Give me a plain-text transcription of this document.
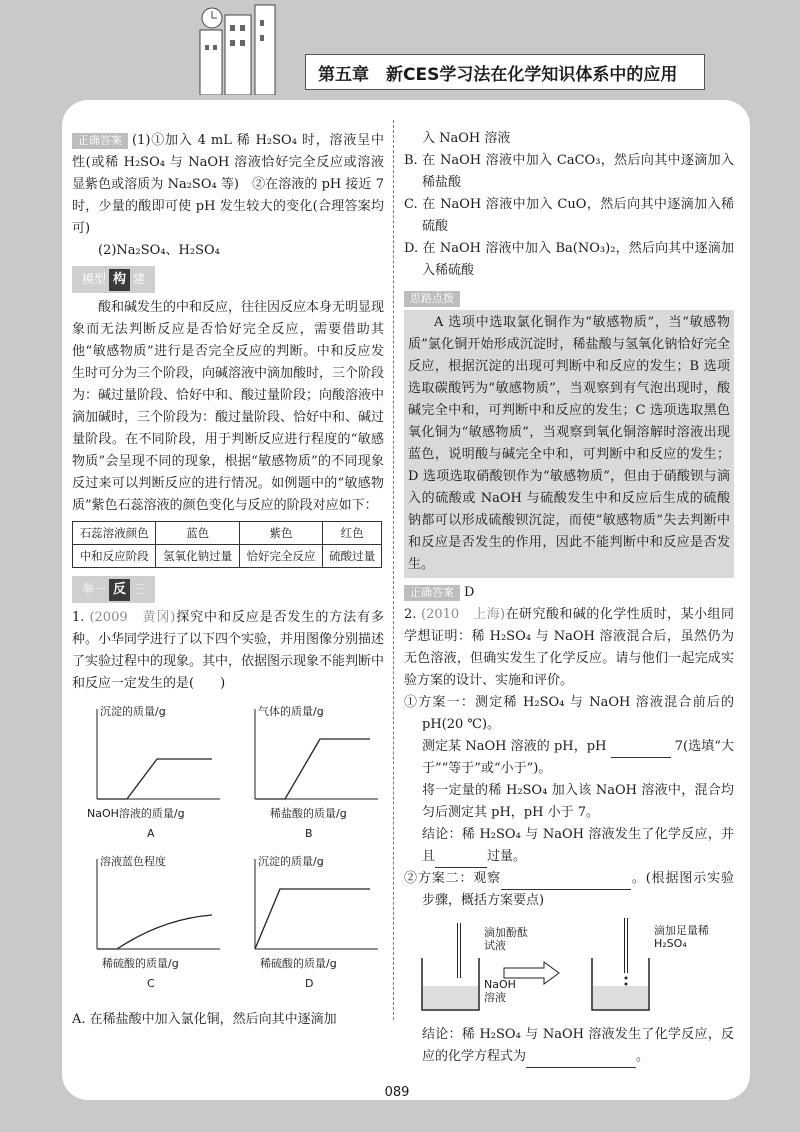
第五章　新CES学习法在化学知识体系中的应用

正确答案 (1)①加入 4 mL 稀 H₂SO₄ 时，溶液呈中性(或稀 H₂SO₄ 与 NaOH 溶液恰好完全反应或溶液显紫色或溶质为 Na₂SO₄ 等)　②在溶液的 pH 接近 7 时，少量的酸即可使 pH 发生较大的变化(合理答案均可)

(2)Na₂SO₄、H₂SO₄

模型 构 建

酸和碱发生的中和反应，往往因反应本身无明显现象而无法判断反应是否恰好完全反应，需要借助其他“敏感物质”进行是否完全反应的判断。中和反应发生时可分为三个阶段，向碱溶液中滴加酸时，三个阶段为：碱过量阶段、恰好中和、酸过量阶段；向酸溶液中滴加碱时，三个阶段为：酸过量阶段、恰好中和、碱过量阶段。在不同阶段，用于判断反应进行程度的“敏感物质”会呈现不同的现象，根据“敏感物质”的不同现象反过来可以判断反应的进行情况。如例题中的“敏感物质”紫色石蕊溶液的颜色变化与反应的阶段对应如下：

石蕊溶液颜色	蓝色	紫色	红色
中和反应阶段	氢氧化钠过量	恰好完全反应	硫酸过量
举一 反 三

1. (2009　黄冈)探究中和反应是否发生的方法有多种。小华同学进行了以下四个实验，并用图像分别描述了实验过程中的现象。其中，依据图示现象不能判断中和反应一定发生的是(　　)

沉淀的质量/g
NaOH溶液的质量/g
A
气体的质量/g
稀盐酸的质量/g
B
溶液蓝色程度
稀硫酸的质量/g
C
沉淀的质量/g
稀硫酸的质量/g
D

A. 在稀盐酸中加入氯化铜，然后向其中逐滴加

入 NaOH 溶液

B. 在 NaOH 溶液中加入 CaCO₃，然后向其中逐滴加入稀盐酸

C. 在 NaOH 溶液中加入 CuO，然后向其中逐滴加入稀硫酸

D. 在 NaOH 溶液中加入 Ba(NO₃)₂，然后向其中逐滴加入稀硫酸

思路点拨

A 选项中选取氯化铜作为“敏感物质”，当“敏感物质”氯化铜开始形成沉淀时，稀盐酸与氢氧化钠恰好完全反应，根据沉淀的出现可判断中和反应的发生；B 选项选取碳酸钙为“敏感物质”，当观察到有气泡出现时，酸碱完全中和，可判断中和反应的发生；C 选项选取黑色氧化铜为“敏感物质”，当观察到氧化铜溶解时溶液出现蓝色，说明酸与碱完全中和，可判断中和反应的发生；D 选项选取硝酸钡作为“敏感物质”，但由于硝酸钡与滴入的硫酸或 NaOH 与硫酸发生中和反应后生成的硫酸钠都可以形成硫酸钡沉淀，而使“敏感物质”失去判断中和反应是否发生的作用，因此不能判断中和反应是否发生。

正确答案 D

2. (2010　上海)在研究酸和碱的化学性质时，某小组同学想证明：稀 H₂SO₄ 与 NaOH 溶液混合后，虽然仍为无色溶液，但确实发生了化学反应。请与他们一起完成实验方案的设计、实施和评价。

①方案一：测定稀 H₂SO₄ 与 NaOH 溶液混合前后的 pH(20 ℃)。

测定某 NaOH 溶液的 pH，pH	7(选填“大于”“等于”或“小于”)。

将一定量的稀 H₂SO₄ 加入该 NaOH 溶液中，混合均匀后测定其 pH，pH 小于 7。

结论：稀 H₂SO₄ 与 NaOH 溶液发生了化学反应，并且	过量。

②方案二：观察	。(根据图示实验步骤，概括方案要点)

滴加酚酞试液
NaOH溶液
滴加足量稀H₂SO₄

结论：稀 H₂SO₄ 与 NaOH 溶液发生了化学反应，反应的化学方程式为	。

089
